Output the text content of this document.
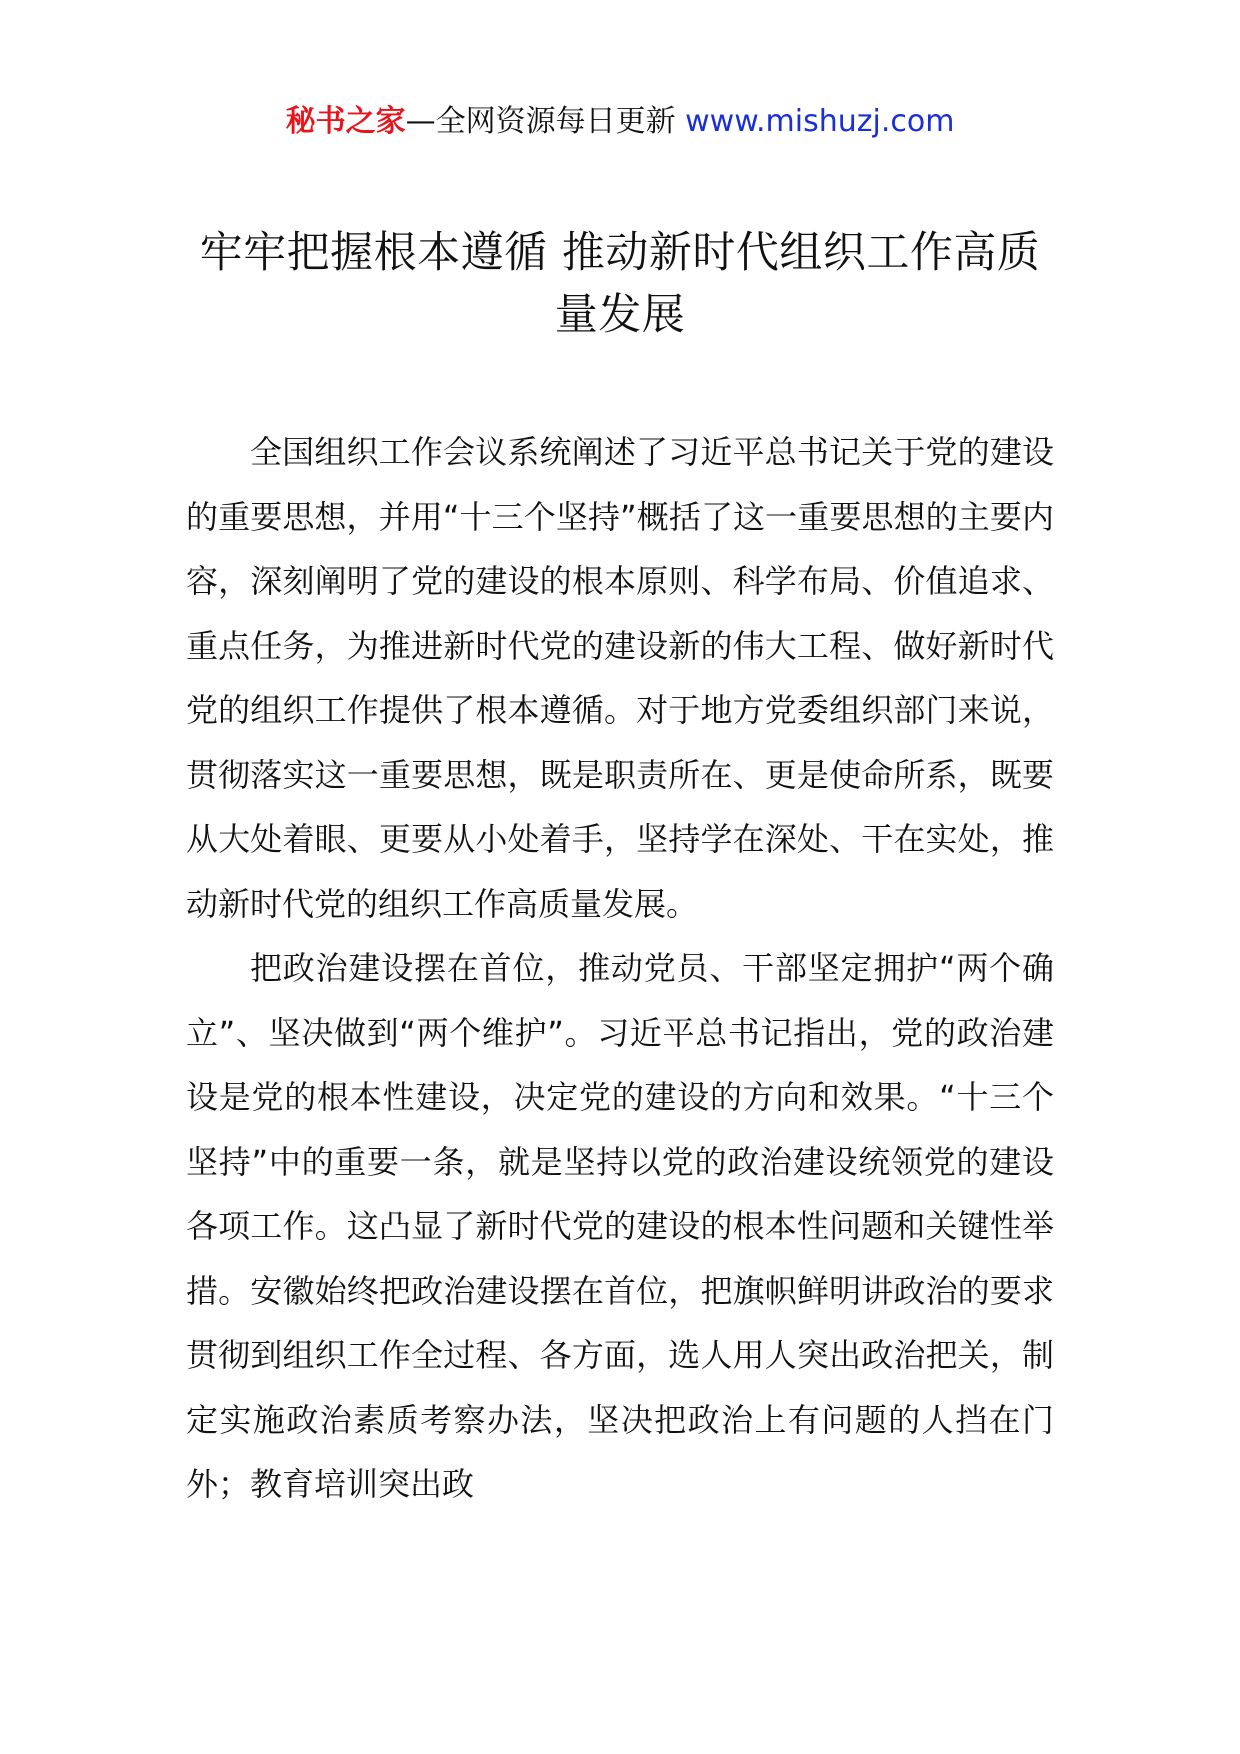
秘书之家—全网资源每日更新 www.mishuzj.com
牢牢把握根本遵循 推动新时代组织工作高质量发展

全国组织工作会议系统阐述了习近平总书记关于党的建设的重要思想，并用“十三个坚持”概括了这一重要思想的主要内容，深刻阐明了党的建设的根本原则、科学布局、价值追求、重点任务，为推进新时代党的建设新的伟大工程、做好新时代党的组织工作提供了根本遵循。对于地方党委组织部门来说，贯彻落实这一重要思想，既是职责所在、更是使命所系，既要从大处着眼、更要从小处着手，坚持学在深处、干在实处，推动新时代党的组织工作高质量发展。

把政治建设摆在首位，推动党员、干部坚定拥护“两个确立”、坚决做到“两个维护”。习近平总书记指出，党的政治建设是党的根本性建设，决定党的建设的方向和效果。“十三个坚持”中的重要一条，就是坚持以党的政治建设统领党的建设各项工作。这凸显了新时代党的建设的根本性问题和关键性举措。安徽始终把政治建设摆在首位，把旗帜鲜明讲政治的要求贯彻到组织工作全过程、各方面，选人用人突出政治把关，制定实施政治素质考察办法，坚决把政治上有问题的人挡在门外；教育培训突出政
